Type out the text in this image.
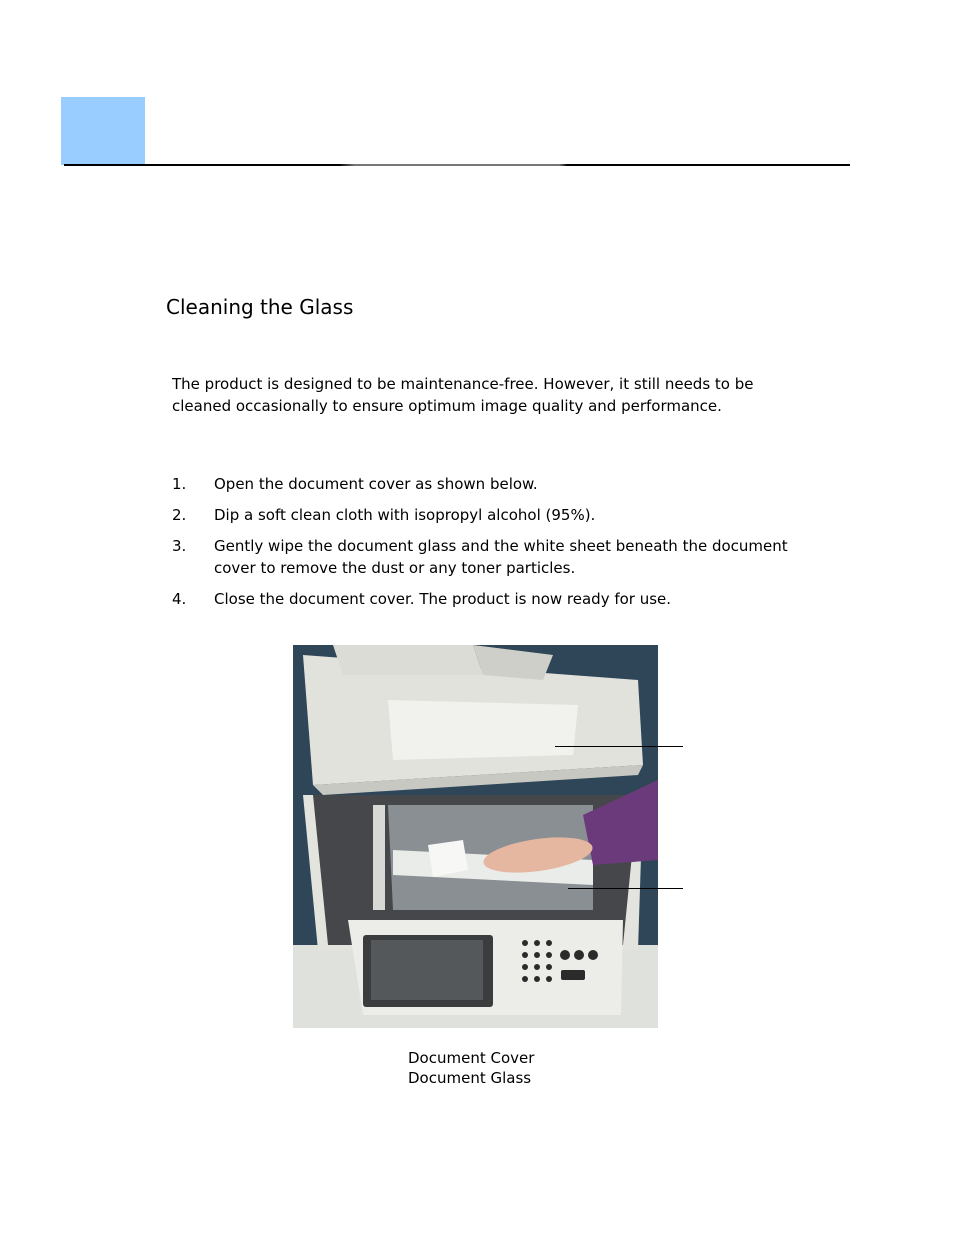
Cleaning the Glass

The product is designed to be maintenance-free. However, it still needs to be cleaned occasionally to ensure optimum image quality and performance.

1.	Open the document cover as shown below.
2.	Dip a soft clean cloth with isopropyl alcohol (95%).
3.	Gently wipe the document glass and the white sheet beneath the document cover to remove the dust or any toner particles.
4.	Close the document cover. The product is now ready for use.
Document Cover
Document Glass
